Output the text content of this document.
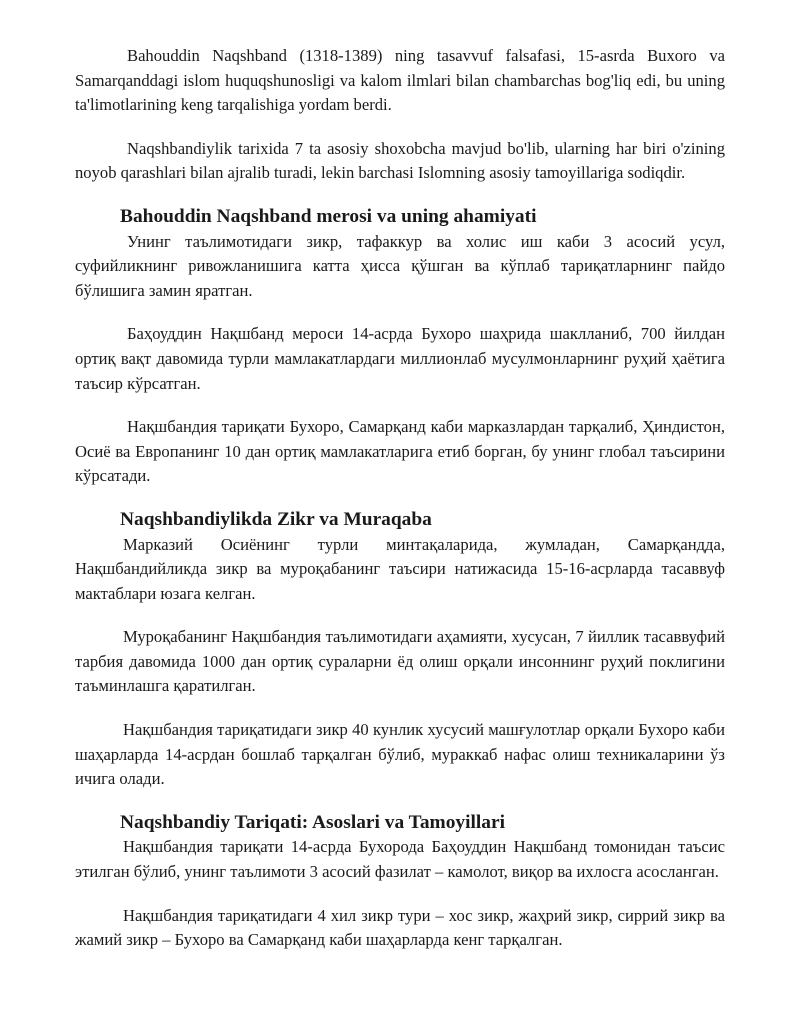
Bahouddin Naqshband (1318-1389) ning tasavvuf falsafasi, 15-asrda Buxoro va Samarqanddagi islom huquqshunosligi va kalom ilmlari bilan chambarchas bog'liq edi, bu uning ta'limotlarining keng tarqalishiga yordam berdi.

Naqshbandiylik tarixida 7 ta asosiy shoxobcha mavjud bo'lib, ularning har biri o'zining noyob qarashlari bilan ajralib turadi, lekin barchasi Islomning asosiy tamoyillariga sodiqdir.

Bahouddin Naqshband merosi va uning ahamiyati

Унинг таълимотидаги зикр, тафаккур ва холис иш каби 3 асосий усул, суфийликнинг ривожланишига катта ҳисса қўшган ва кўплаб тариқатларнинг пайдо бўлишига замин яратган.

Баҳоуддин Нақшбанд мероси 14-асрда Бухоро шаҳрида шаклланиб, 700 йилдан ортиқ вақт давомида турли мамлакатлардаги миллионлаб мусулмонларнинг руҳий ҳаётига таъсир кўрсатган.

Нақшбандия тариқати Бухоро, Самарқанд каби марказлардан тарқалиб, Ҳиндистон, Осиё ва Европанинг 10 дан ортиқ мамлакатларига етиб борган, бу унинг глобал таъсирини кўрсатади.

Naqshbandiylikda Zikr va Muraqaba

Марказий Осиёнинг турли минтақаларида, жумладан, Самарқандда, Нақшбандийликда зикр ва муроқабанинг таъсири натижасида 15-16-асрларда тасаввуф мактаблари юзага келган.

Муроқабанинг Нақшбандия таълимотидаги аҳамияти, хусусан, 7 йиллик тасаввуфий тарбия давомида 1000 дан ортиқ сураларни ёд олиш орқали инсоннинг руҳий поклигини таъминлашга қаратилган.

Нақшбандия тариқатидаги зикр 40 кунлик хусусий машғулотлар орқали Бухоро каби шаҳарларда 14-асрдан бошлаб тарқалган бўлиб, мураккаб нафас олиш техникаларини ўз ичига олади.

Naqshbandiy Tariqati: Asoslari va Tamoyillari

Нақшбандия тариқати 14-асрда Бухорода Баҳоуддин Нақшбанд томонидан таъсис этилган бўлиб, унинг таълимоти 3 асосий фазилат – камолот, виқор ва ихлосга асосланган.

Нақшбандия тариқатидаги 4 хил зикр тури – хос зикр, жаҳрий зикр, сиррий зикр ва жамий зикр – Бухоро ва Самарқанд каби шаҳарларда кенг тарқалган.
